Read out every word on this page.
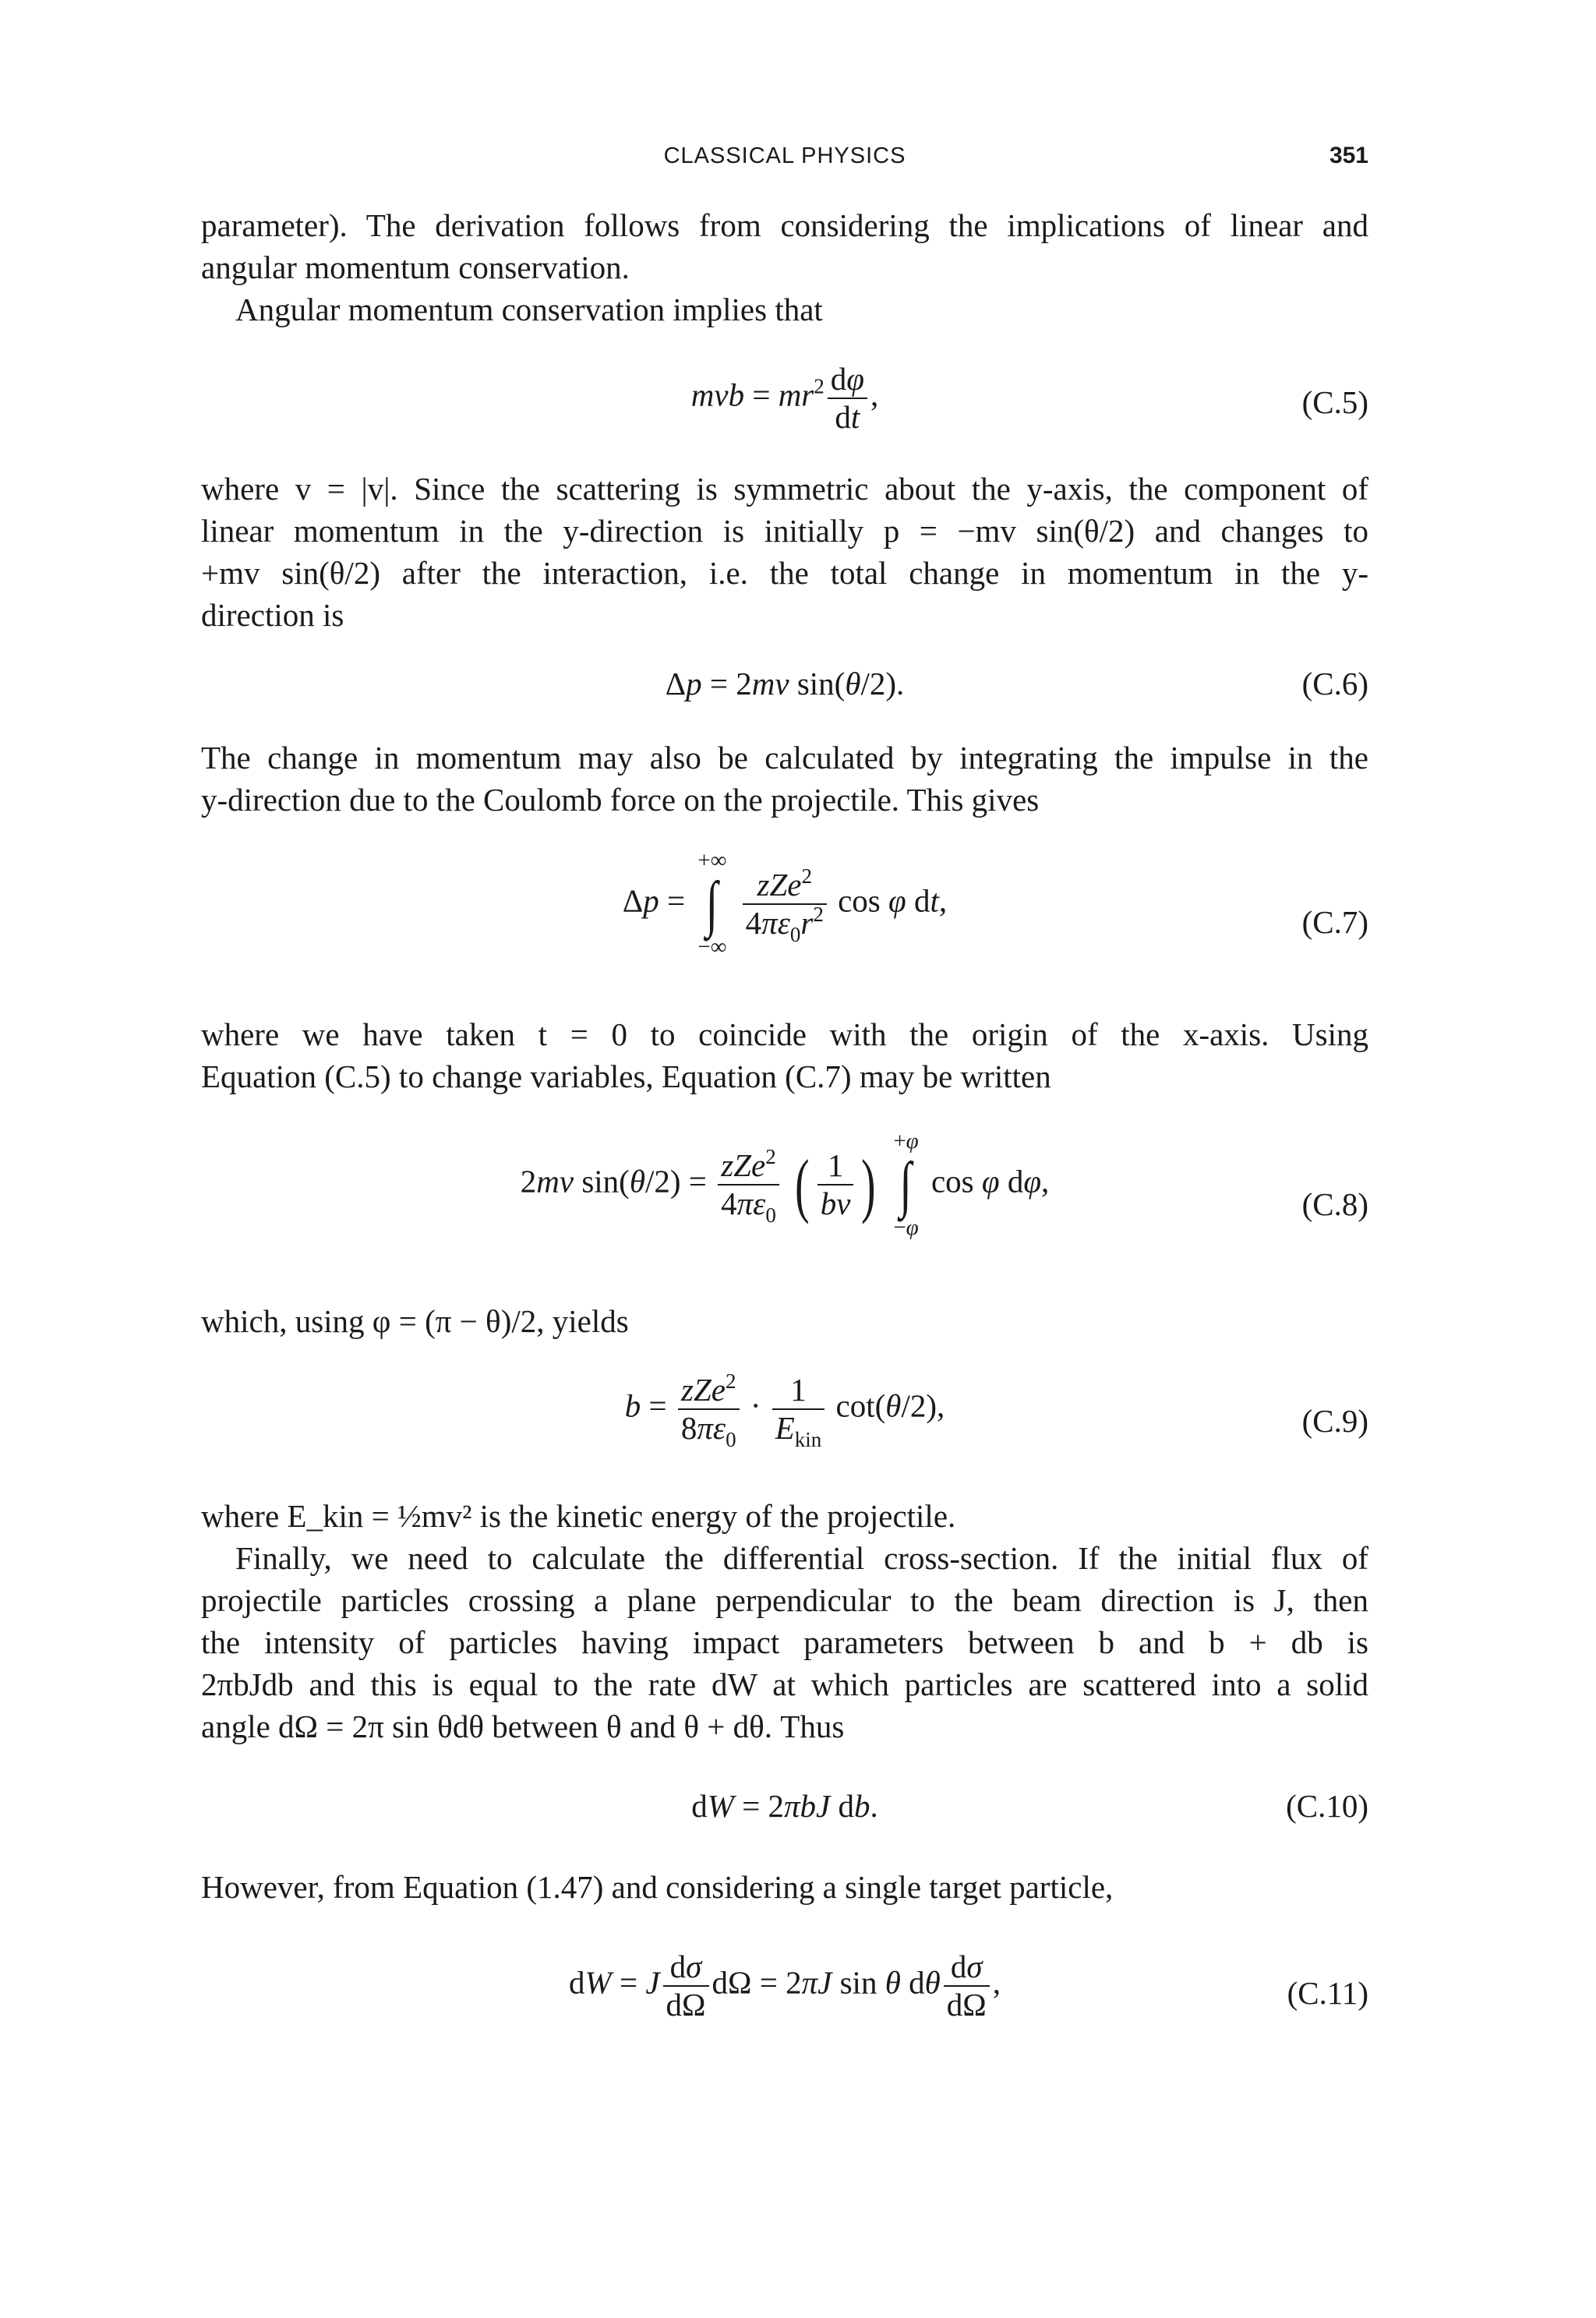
CLASSICAL PHYSICS	351
parameter). The derivation follows from considering the implications of linear and
angular momentum conservation.
Angular momentum conservation implies that
mvb = $mr^2 \frac{d\varphi}{dt}$ ,	(C.5)
where v = |v|. Since the scattering is symmetric about the y-axis, the component of
linear momentum in the y-direction is initially p = −mv sin(θ/2) and changes to
+mv sin(θ/2) after the interaction, i.e. the total change in momentum in the y-
direction is
Δp = 2mv sin(θ/2).	(C.6)
The change in momentum may also be calculated by integrating the impulse in the
y-direction due to the Coulomb force on the projectile. This gives
Δp =
+∞
∫
−∞

$\frac{zZe^2}{4\pi\varepsilon_0r^2}$ cos φ dt,
(C.7)
where we have taken t = 0 to coincide with the origin of the x-axis. Using
Equation (C.5) to change variables, Equation (C.7) may be written
2mv $\sin(\theta/2) = \frac{zZe^2}{4\pi\varepsilon_0}$ ( $\frac{1}{bv}$ )
+φ
∫
−φ
cos φ dφ,
(C.8)
which, using φ = (π − θ)/2, yields
$b = \frac{zZe^2}{8\pi\varepsilon_0} \cdot \frac{1}{E_{kin}} \cot(\theta/2)$,	(C.9)
where E_kin = ½mv² is the kinetic energy of the projectile.
Finally, we need to calculate the differential cross-section. If the initial flux of
projectile particles crossing a plane perpendicular to the beam direction is J, then
the intensity of particles having impact parameters between b and b + db is
2πbJdb and this is equal to the rate dW at which particles are scattered into a solid
angle dΩ = 2π sin θdθ between θ and θ + dθ. Thus
dW = 2πbJ db.	(C.10)
However, from Equation (1.47) and considering a single target particle,
dW = J $\frac{d\sigma}{d\Omega}$ dΩ = 2πJ sin θ dθ $\frac{d\sigma}{d\Omega}$ ,	(C.11)
